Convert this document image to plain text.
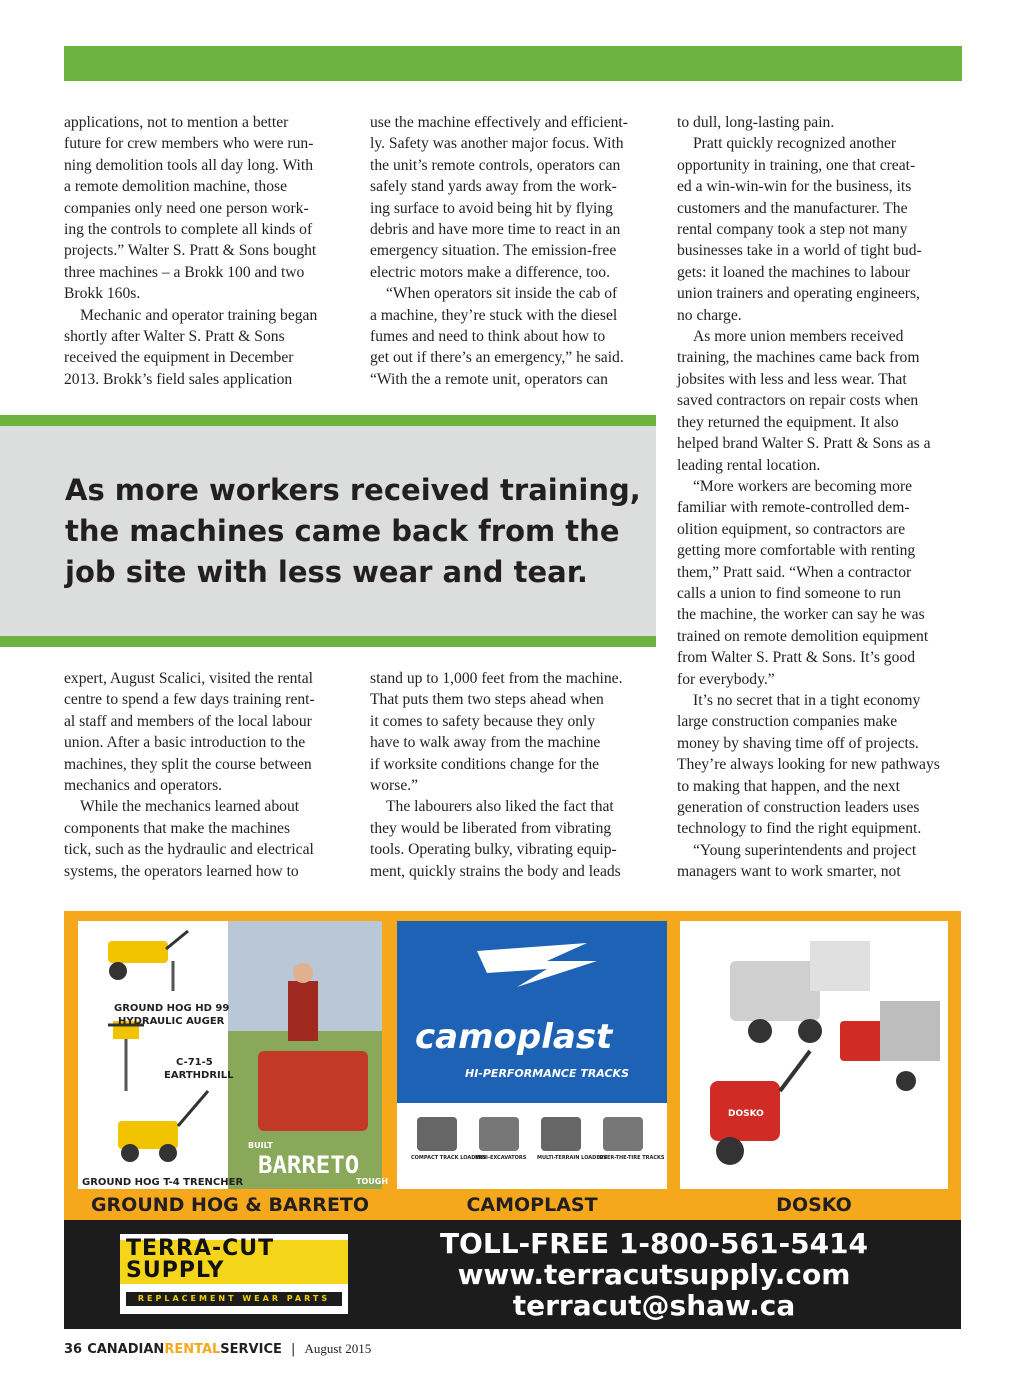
applications, not to mention a better
future for crew members who were run-
ning demolition tools all day long. With
a remote demolition machine, those
companies only need one person work-
ing the controls to complete all kinds of
projects.” Walter S. Pratt & Sons bought
three machines – a Brokk 100 and two
Brokk 160s.
Mechanic and operator training began
shortly after Walter S. Pratt & Sons
received the equipment in December
2013. Brokk’s field sales application

use the machine effectively and efficient-
ly. Safety was another major focus. With
the unit’s remote controls, operators can
safely stand yards away from the work-
ing surface to avoid being hit by flying
debris and have more time to react in an
emergency situation. The emission-free
electric motors make a difference, too.
“When operators sit inside the cab of
a machine, they’re stuck with the diesel
fumes and need to think about how to
get out if there’s an emergency,” he said.
“With the a remote unit, operators can

As more workers received training,
the machines came back from the
job site with less wear and tear.

to dull, long-lasting pain.
Pratt quickly recognized another
opportunity in training, one that creat-
ed a win-win-win for the business, its
customers and the manufacturer. The
rental company took a step not many
businesses take in a world of tight bud-
gets: it loaned the machines to labour
union trainers and operating engineers,
no charge.
As more union members received
training, the machines came back from
jobsites with less and less wear. That
saved contractors on repair costs when
they returned the equipment. It also
helped brand Walter S. Pratt & Sons as a
leading rental location.
“More workers are becoming more
familiar with remote-controlled dem-
olition equipment, so contractors are
getting more comfortable with renting
them,” Pratt said. “When a contractor
calls a union to find someone to run
the machine, the worker can say he was
trained on remote demolition equipment
from Walter S. Pratt & Sons. It’s good
for everybody.”
It’s no secret that in a tight economy
large construction companies make
money by shaving time off of projects.
They’re always looking for new pathways
to making that happen, and the next
generation of construction leaders uses
technology to find the right equipment.
“Young superintendents and project
managers want to work smarter, not

expert, August Scalici, visited the rental
centre to spend a few days training rent-
al staff and members of the local labour
union. After a basic introduction to the
machines, they split the course between
mechanics and operators.
While the mechanics learned about
components that make the machines
tick, such as the hydraulic and electrical
systems, the operators learned how to

stand up to 1,000 feet from the machine.
That puts them two steps ahead when
it comes to safety because they only
have to walk away from the machine
if worksite conditions change for the
worse.”
The labourers also liked the fact that
they would be liberated from vibrating
tools. Operating bulky, vibrating equip-
ment, quickly strains the body and leads

GROUND HOG HD 99
HYDRAULIC AUGER
C-71-5
EARTHDRILL
GROUND HOG T-4 TRENCHER
BUILT
BARRETO
TOUGH
camoplast
HI-PERFORMANCE TRACKS
COMPACT TRACK LOADERS
MINI-EXCAVATORS MULTI-TERRAIN LOADERS
OVER-THE-TIRE TRACKS
DOSKO
GROUND HOG & BARRETO	CAMOPLAST	DOSKO
TERRA-CUT
SUPPLY
REPLACEMENT WEAR PARTS
TOLL-FREE 1-800-561-5414
www.terracutsupply.com
terracut@shaw.ca
36 CANADIANRENTALSERVICE | August 2015
